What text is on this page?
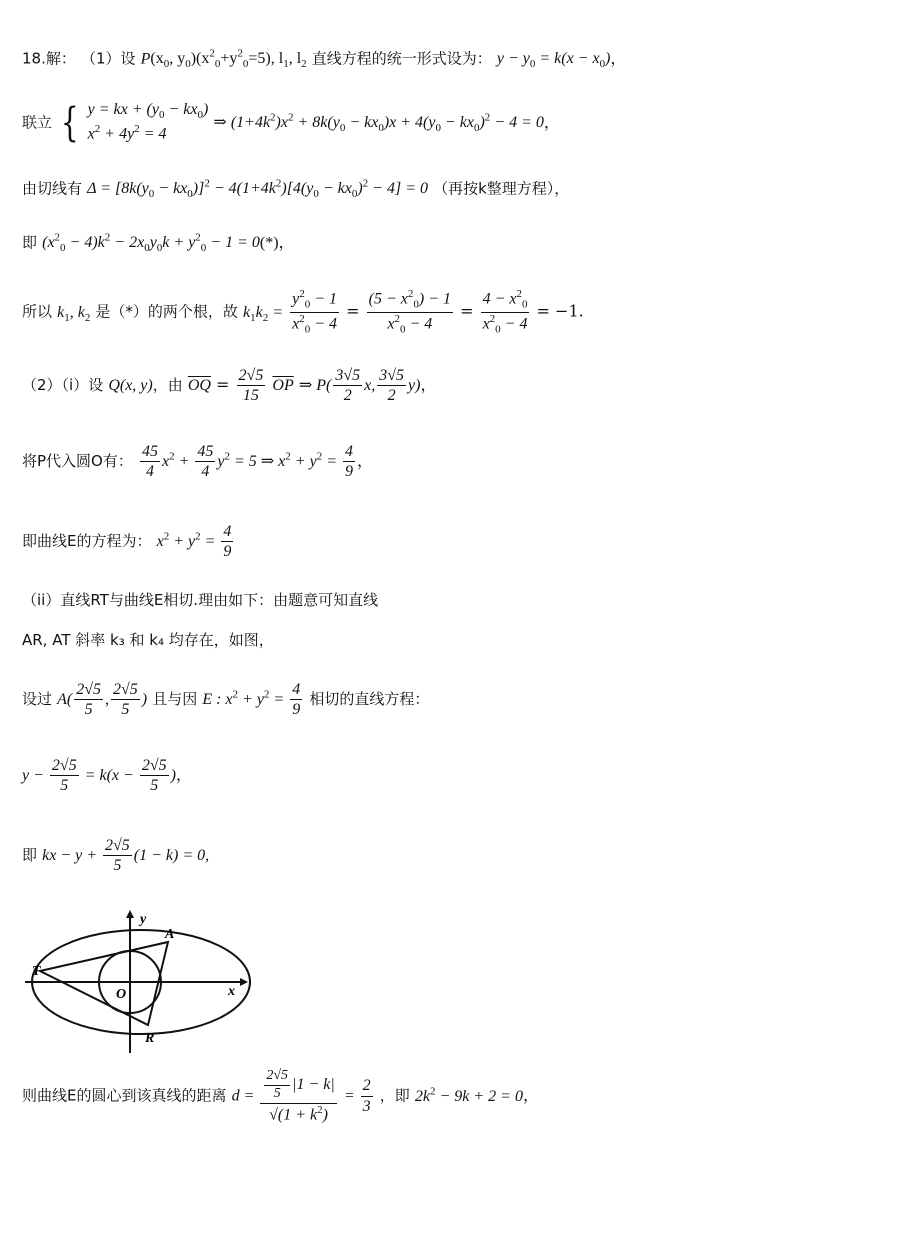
18.解： （1）设 $P(x_0$, $y_0)(x^2_0+y^2_0=5)$, $l_1$, $l_2$ 直线方程的统一形式设为： $y - y_0 = k(x - x_0)$，
联立 { y = kx + $(y_0 - kx_0)$
$x^2 + 4y^2 = 4$
⇒ $(1+4k^2)x^2 + 8k(y_0 - kx_0)x + 4(y_0 - kx_0)^2 - 4 = 0$，
由切线有 $\Delta = [8k(y_0 - kx_0)]^2 - 4(1+4k^2)[4(y_0 - kx_0)^2 - 4] = 0$ （再按k整理方程），
即 $(x^2_0 - 4)k^2 - 2x_0y_0k + y^2_0 - 1 = 0(*)$，
所以 $k_1$, $k_2$ 是（*）的两个根，故 $k_1k_2 = \frac{y^2_0 - 1}{x^2_0 - 4} = \frac{(5 - x^2_0) - 1}{x^2_0 - 4} = \frac{4 - x^2_0}{x^2_0 - 4} = -1$.
（2）（i）设 Q(x, y)，由 $\overline{OQ} = \frac{2√5}{15} \overline{OP}$ ⇒ $P( \frac{3√5}{2} x$, $\frac{3√5}{2} y$)，
将P代入圆O有： $\frac{45}{4} x^2 + \frac{45}{4} y^2 = 5$ ⇒ $x^2 + y^2 = \frac{4}{9}$ ，
即曲线E的方程为： $x^2 + y^2 = \frac{4}{9}$
（ii）直线RT与曲线E相切.理由如下：由题意可知直线
AR, AT 斜率 k₃ 和 k₄ 均存在，如图，
设过 $A( \frac{2√5}{5}$ , $\frac{2√5}{5}$ ) 且与因 E : $x^2 + y^2 = \frac{4}{9}$ 相切的直线方程：
$y - \frac{2√5}{5} = k(x - \frac{2√5}{5}$ )，
即 kx − $y + \frac{2√5}{5} (1 - k) = 0$,
y
A
T
O	x
R
则曲线E的圆心到该真线的距离 $d = \frac{\frac{2√5}{5} |1 - k|}{√(1 + k^2)} = \frac{2}{3}$ ，即 $2k^2 - 9k + 2 = 0$，
